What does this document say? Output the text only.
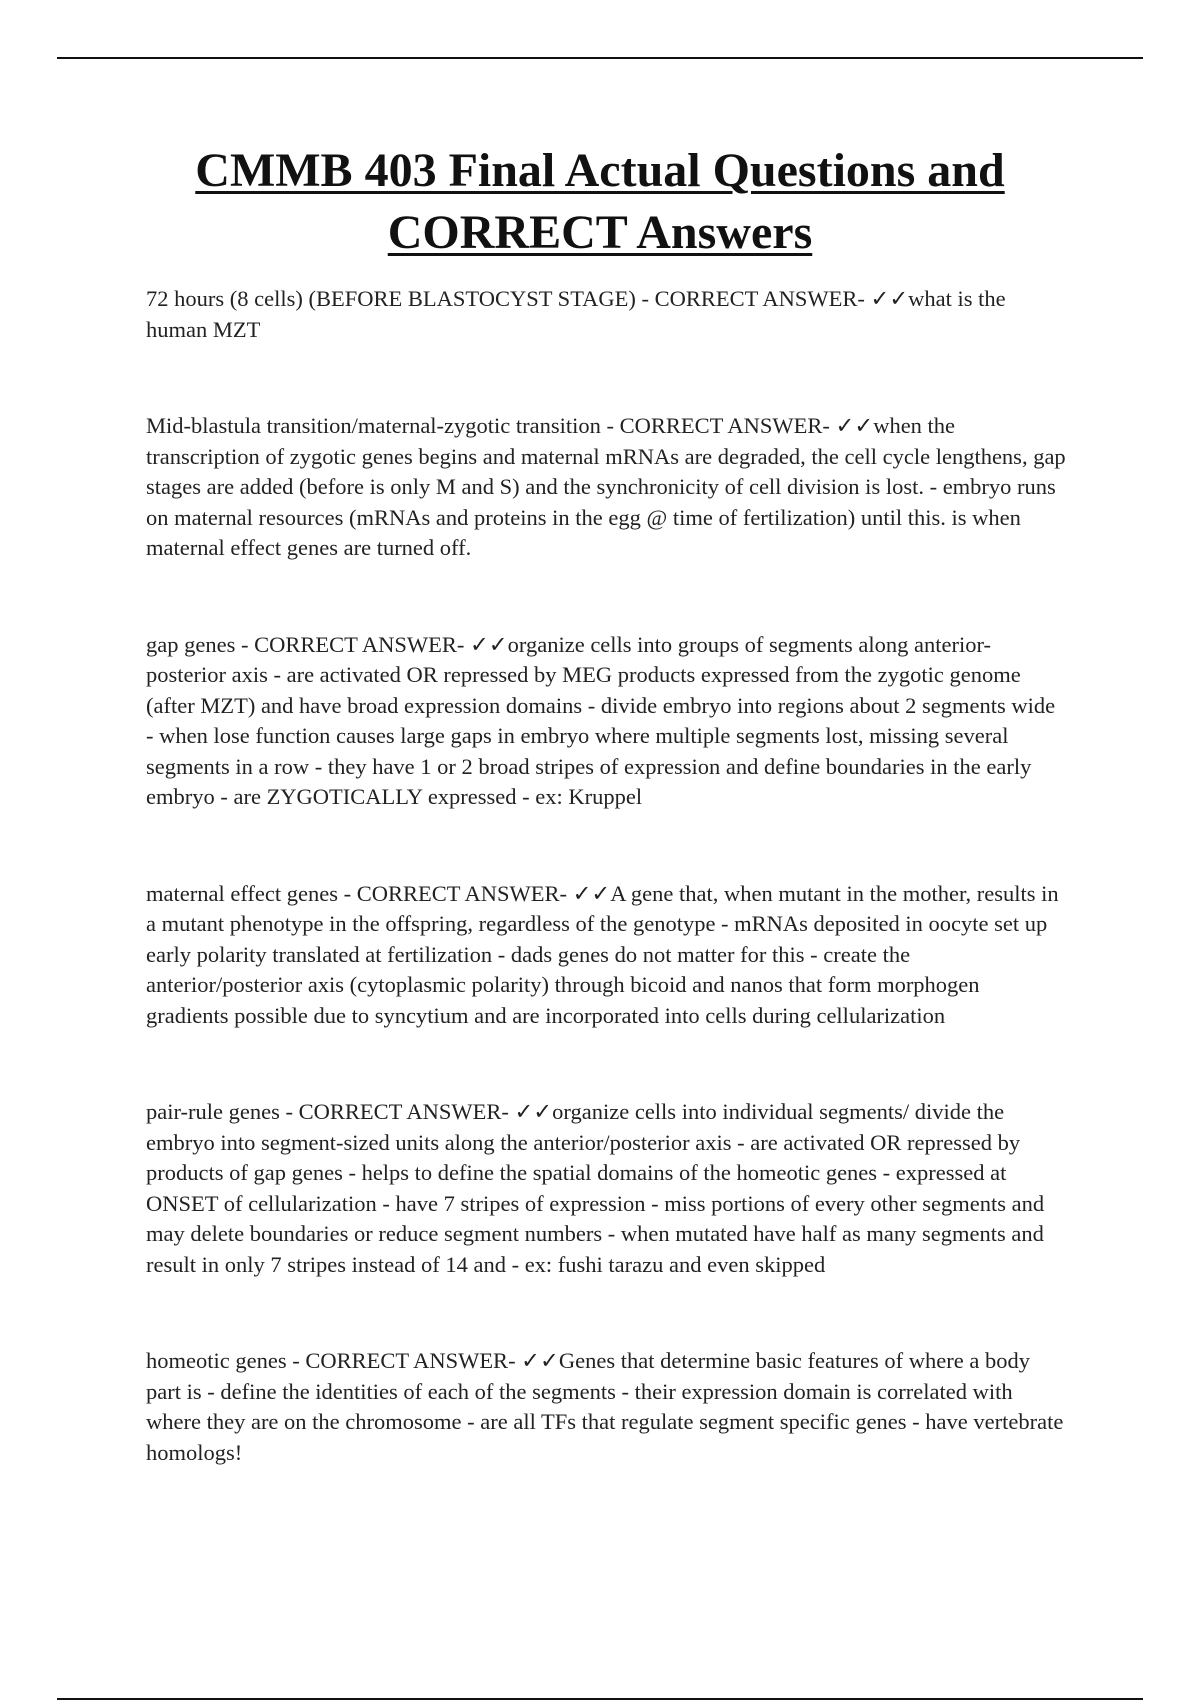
CMMB 403 Final Actual Questions and
CORRECT Answers

72 hours (8 cells) (BEFORE BLASTOCYST STAGE) - CORRECT ANSWER- ✓✓what is the human MZT

Mid-blastula transition/maternal-zygotic transition - CORRECT ANSWER- ✓✓when the transcription of zygotic genes begins and maternal mRNAs are degraded, the cell cycle lengthens, gap stages are added (before is only M and S) and the synchronicity of cell division is lost. - embryo runs on maternal resources (mRNAs and proteins in the egg @ time of fertilization) until this. is when maternal effect genes are turned off.

gap genes - CORRECT ANSWER- ✓✓organize cells into groups of segments along anterior-posterior axis - are activated OR repressed by MEG products expressed from the zygotic genome (after MZT) and have broad expression domains - divide embryo into regions about 2 segments wide - when lose function causes large gaps in embryo where multiple segments lost, missing several segments in a row - they have 1 or 2 broad stripes of expression and define boundaries in the early embryo - are ZYGOTICALLY expressed - ex: Kruppel

maternal effect genes - CORRECT ANSWER- ✓✓A gene that, when mutant in the mother, results in a mutant phenotype in the offspring, regardless of the genotype - mRNAs deposited in oocyte set up early polarity translated at fertilization - dads genes do not matter for this - create the anterior/posterior axis (cytoplasmic polarity) through bicoid and nanos that form morphogen gradients possible due to syncytium and are incorporated into cells during cellularization

pair-rule genes - CORRECT ANSWER- ✓✓organize cells into individual segments/ divide the embryo into segment-sized units along the anterior/posterior axis - are activated OR repressed by products of gap genes - helps to define the spatial domains of the homeotic genes - expressed at ONSET of cellularization - have 7 stripes of expression - miss portions of every other segments and may delete boundaries or reduce segment numbers - when mutated have half as many segments and result in only 7 stripes instead of 14 and - ex: fushi tarazu and even skipped

homeotic genes - CORRECT ANSWER- ✓✓Genes that determine basic features of where a body part is - define the identities of each of the segments - their expression domain is correlated with where they are on the chromosome - are all TFs that regulate segment specific genes - have vertebrate homologs!
